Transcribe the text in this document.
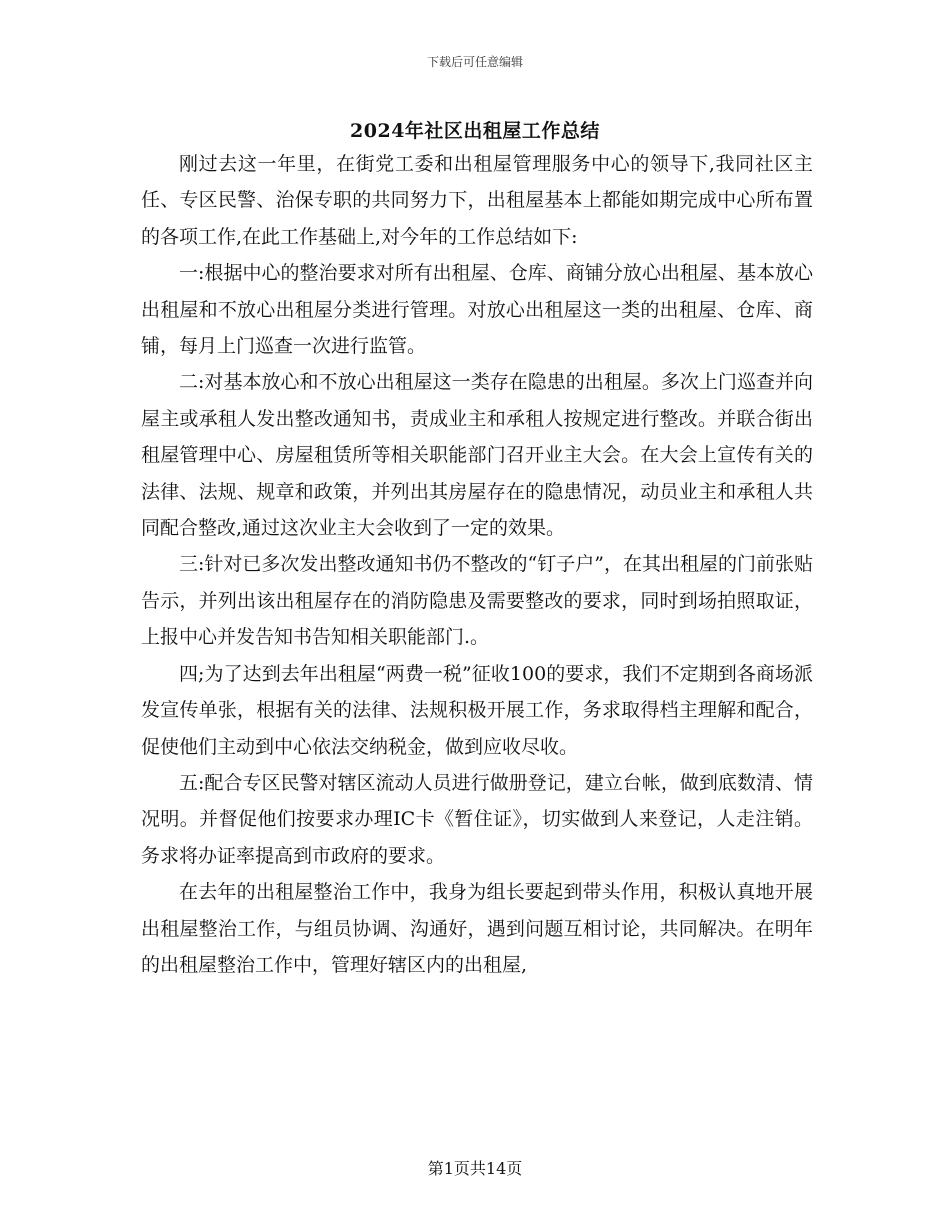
下载后可任意编辑
2024年社区出租屋工作总结

刚过去这一年里，在街党工委和出租屋管理服务中心的领导下,我同社区主任、专区民警、治保专职的共同努力下，出租屋基本上都能如期完成中心所布置的各项工作,在此工作基础上,对今年的工作总结如下:

一:根据中心的整治要求对所有出租屋、仓库、商铺分放心出租屋、基本放心出租屋和不放心出租屋分类进行管理。对放心出租屋这一类的出租屋、仓库、商铺，每月上门巡查一次进行监管。

二:对基本放心和不放心出租屋这一类存在隐患的出租屋。多次上门巡查并向屋主或承租人发出整改通知书，责成业主和承租人按规定进行整改。并联合街出租屋管理中心、房屋租赁所等相关职能部门召开业主大会。在大会上宣传有关的法律、法规、规章和政策，并列出其房屋存在的隐患情况，动员业主和承租人共同配合整改,通过这次业主大会收到了一定的效果。

三:针对已多次发出整改通知书仍不整改的“钉子户”，在其出租屋的门前张贴告示，并列出该出租屋存在的消防隐患及需要整改的要求，同时到场拍照取证，上报中心并发告知书告知相关职能部门.。

四;为了达到去年出租屋“两费一税”征收100的要求，我们不定期到各商场派发宣传单张，根据有关的法律、法规积极开展工作，务求取得档主理解和配合，促使他们主动到中心依法交纳税金，做到应收尽收。

五:配合专区民警对辖区流动人员进行做册登记，建立台帐，做到底数清、情况明。并督促他们按要求办理IC卡《暂住证》，切实做到人来登记，人走注销。务求将办证率提高到市政府的要求。

在去年的出租屋整治工作中，我身为组长要起到带头作用，积极认真地开展出租屋整治工作，与组员协调、沟通好，遇到问题互相讨论，共同解决。在明年的出租屋整治工作中，管理好辖区内的出租屋,

第1页共14页
